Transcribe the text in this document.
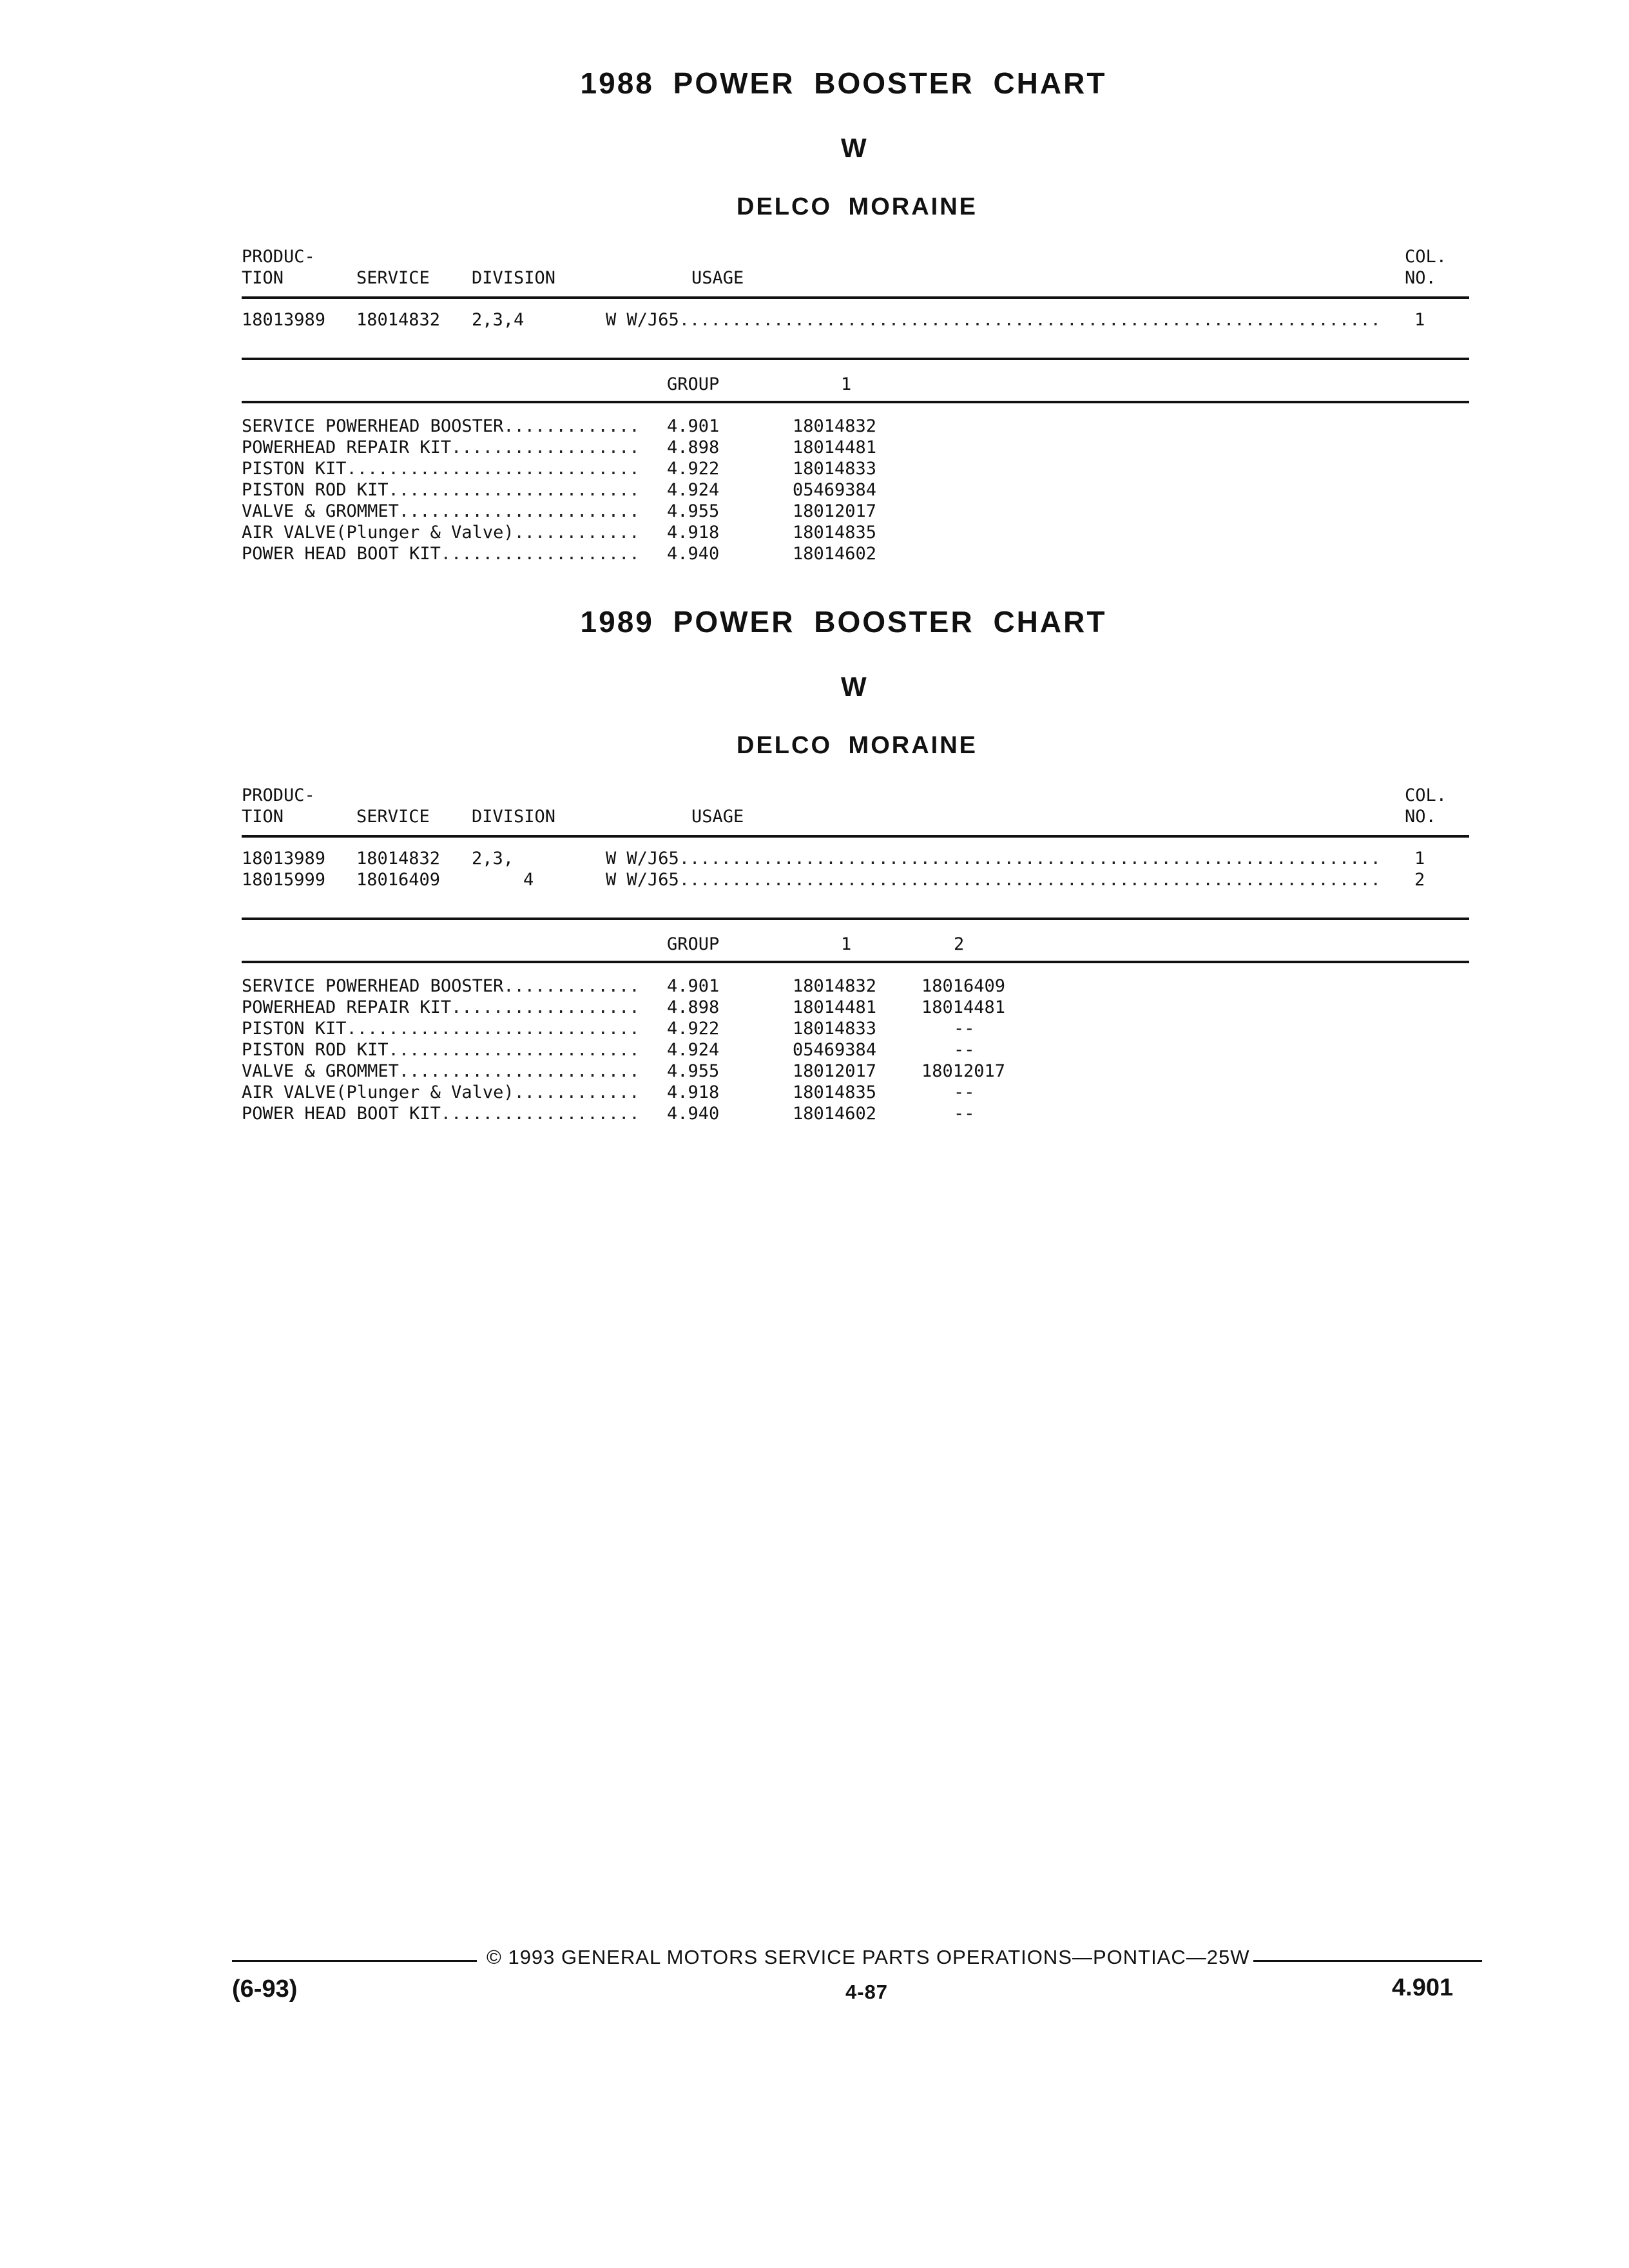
1988 POWER BOOSTER CHART
W
DELCO MORAINE
PRODUC-
TION	SERVICE DIVISION	USAGE
COL.
NO.
18013989 18014832 2,3,4	W W/J65	1
...................................................................
GROUP	1
SERVICE POWERHEAD BOOSTER ............. 4.901	18014832
POWERHEAD REPAIR KIT .................. 4.898	18014481
PISTON KIT ............................ 4.922	18014833
PISTON ROD KIT ........................ 4.924	05469384
VALVE & GROMMET ....................... 4.955	18012017
AIR VALVE(Plunger & Valve) ............ 4.918	18014835
POWER HEAD BOOT KIT ................... 4.940	18014602
1989 POWER BOOSTER CHART
W
DELCO MORAINE
PRODUC-
TION	SERVICE DIVISION	USAGE
COL.
NO.
18013989 18014832 2,3,	W W/J65	1
...................................................................
18015999 18016409	4	W W/J65	2
...................................................................
GROUP	1	2
SERVICE POWERHEAD BOOSTER ............. 4.901	18014832	18016409
POWERHEAD REPAIR KIT .................. 4.898	18014481	18014481
PISTON KIT ............................ 4.922	18014833	--
PISTON ROD KIT ........................ 4.924	05469384	--
VALVE & GROMMET ....................... 4.955	18012017	18012017
AIR VALVE(Plunger & Valve) ............ 4.918	18014835	--
POWER HEAD BOOT KIT ................... 4.940	18014602	--
© 1993 GENERAL MOTORS SERVICE PARTS OPERATIONS—PONTIAC—25W
(6-93)	4-87	4.901
